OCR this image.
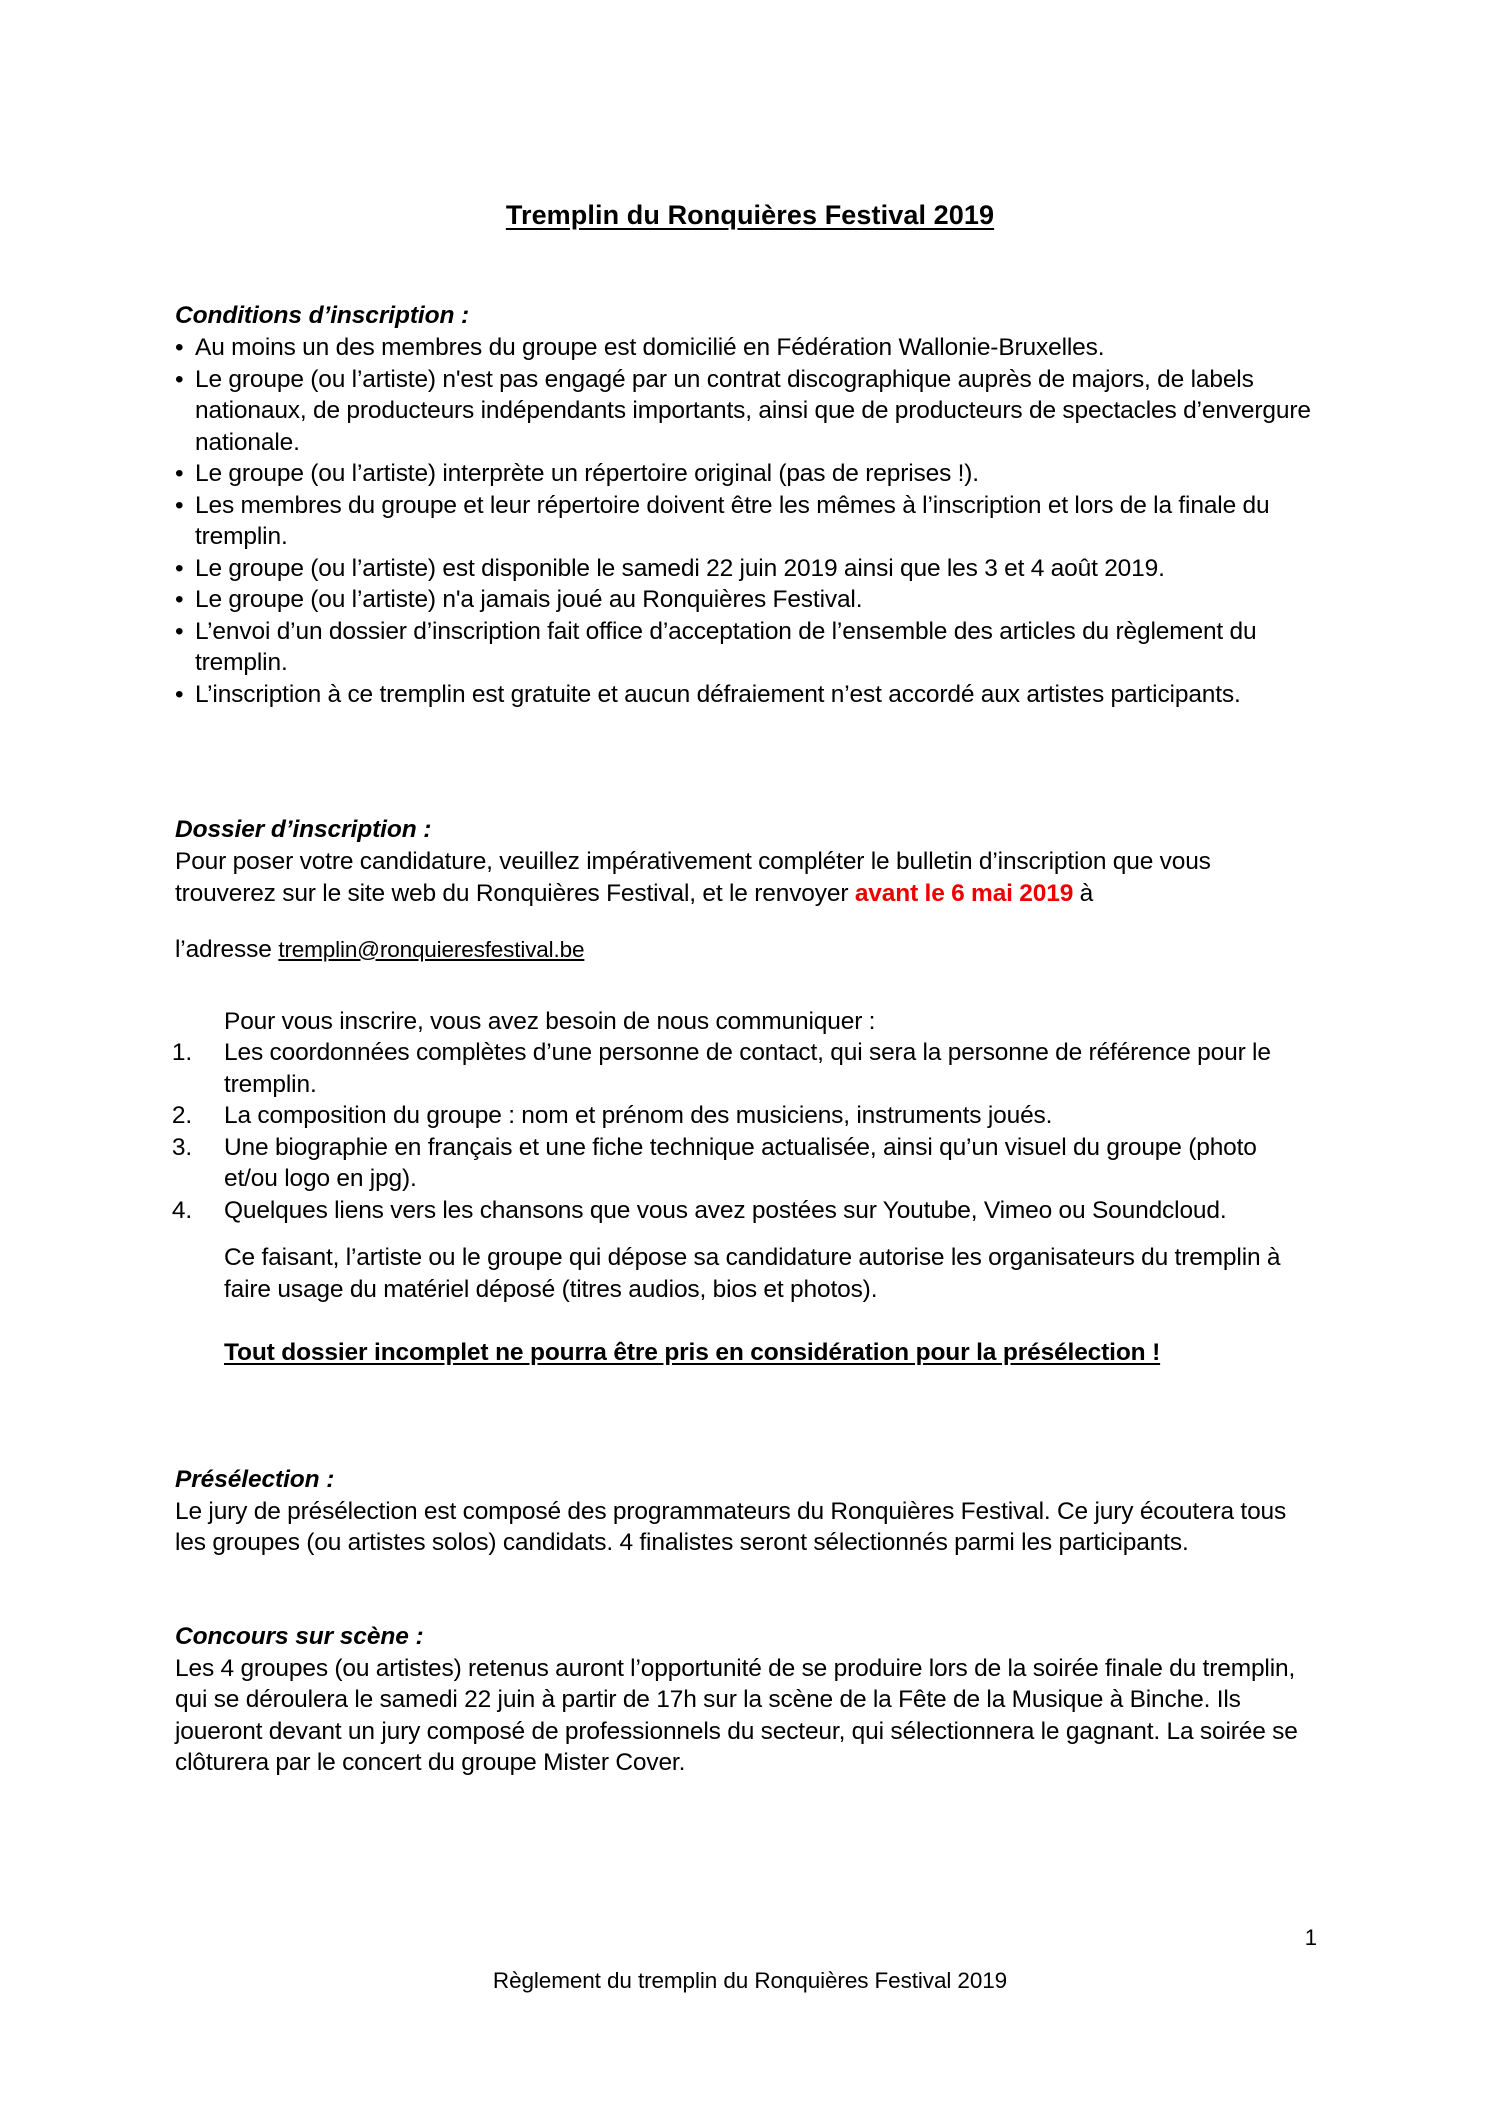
Tremplin du Ronquières Festival 2019
Conditions d’inscription :
• Au moins un des membres du groupe est domicilié en Fédération Wallonie-Bruxelles.
• Le groupe (ou l’artiste) n'est pas engagé par un contrat discographique auprès de majors, de labels nationaux, de producteurs indépendants importants, ainsi que de producteurs de spectacles d’envergure nationale.
• Le groupe (ou l’artiste) interprète un répertoire original (pas de reprises !).
• Les membres du groupe et leur répertoire doivent être les mêmes à l’inscription et lors de la finale du tremplin.
• Le groupe (ou l’artiste) est disponible le samedi 22 juin 2019 ainsi que les 3 et 4 août 2019.
• Le groupe (ou l’artiste) n'a jamais joué au Ronquières Festival.
• L’envoi d’un dossier d’inscription fait office d’acceptation de l’ensemble des articles du règlement du tremplin.
• L’inscription à ce tremplin est gratuite et aucun défraiement n’est accordé aux artistes participants.
Dossier d’inscription :

Pour poser votre candidature, veuillez impérativement compléter le bulletin d’inscription que vous trouverez sur le site web du Ronquières Festival, et le renvoyer avant le 6 mai 2019 à

l’adresse tremplin@ronquieresfestival.be

Pour vous inscrire, vous avez besoin de nous communiquer :

1. Les coordonnées complètes d’une personne de contact, qui sera la personne de référence pour le tremplin.
2. La composition du groupe : nom et prénom des musiciens, instruments joués.
3. Une biographie en français et une fiche technique actualisée, ainsi qu’un visuel du groupe (photo et/ou logo en jpg).
4. Quelques liens vers les chansons que vous avez postées sur Youtube, Vimeo ou Soundcloud.

Ce faisant, l’artiste ou le groupe qui dépose sa candidature autorise les organisateurs du tremplin à faire usage du matériel déposé (titres audios, bios et photos).

Tout dossier incomplet ne pourra être pris en considération pour la présélection !

Présélection :

Le jury de présélection est composé des programmateurs du Ronquières Festival. Ce jury écoutera tous les groupes (ou artistes solos) candidats. 4 finalistes seront sélectionnés parmi les participants.

Concours sur scène :

Les 4 groupes (ou artistes) retenus auront l’opportunité de se produire lors de la soirée finale du tremplin, qui se déroulera le samedi 22 juin à partir de 17h sur la scène de la Fête de la Musique à Binche. Ils joueront devant un jury composé de professionnels du secteur, qui sélectionnera le gagnant. La soirée se clôturera par le concert du groupe Mister Cover.

1
Règlement du tremplin du Ronquières Festival 2019
